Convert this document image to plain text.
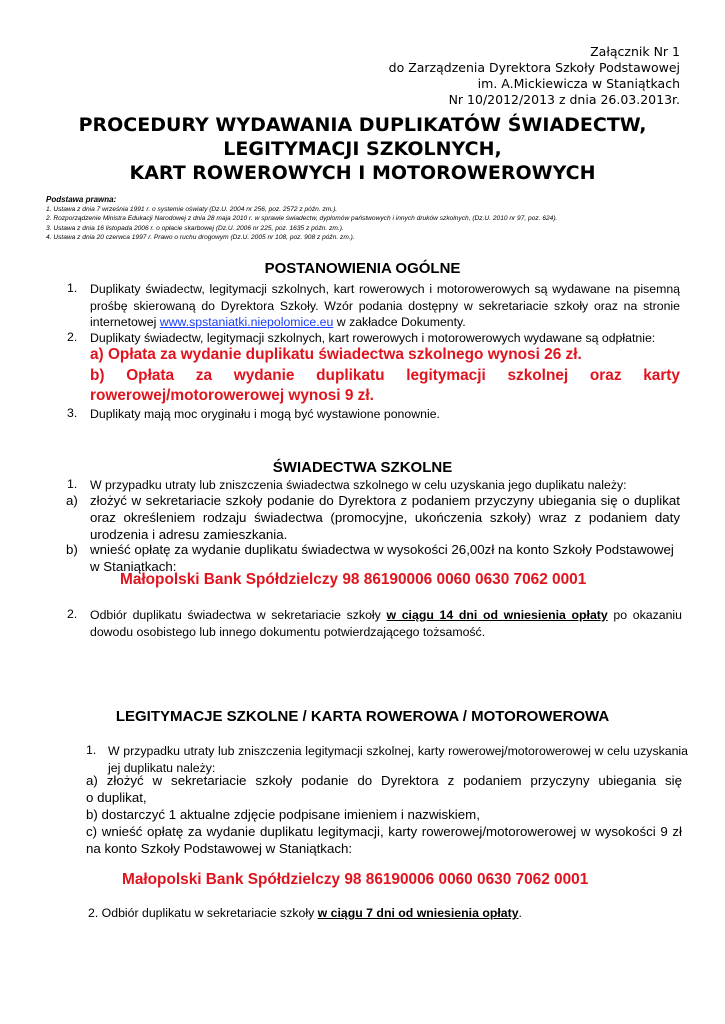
Załącznik Nr 1
do Zarządzenia Dyrektora Szkoły Podstawowej
im. A.Mickiewicza w Staniątkach
Nr 10/2012/2013 z dnia 26.03.2013r.
PROCEDURY WYDAWANIA DUPLIKATÓW ŚWIADECTW,
LEGITYMACJI SZKOLNYCH,
KART ROWEROWYCH I MOTOROWEROWYCH
Podstawa prawna:
1. Ustawa z dnia 7 września 1991 r. o systemie oświaty (Dz.U. 2004 nr 256, poz. 2572 z późn. zm.).
2. Rozporządzenie Ministra Edukacji Narodowej z dnia 28 maja 2010 r. w sprawie świadectw, dyplomów państwowych i innych druków szkolnych, (Dz.U. 2010 nr 97, poz. 624).
3. Ustawa z dnia 16 listopada 2006 r. o opłacie skarbowej (Dz.U. 2006 nr 225, poz. 1635 z późn. zm.).
4. Ustawa z dnia 20 czerwca 1997 r. Prawo o ruchu drogowym (Dz.U. 2005 nr 108, poz. 908 z późn. zm.).
POSTANOWIENIA OGÓLNE
1. Duplikaty świadectw, legitymacji szkolnych, kart rowerowych i motorowerowych są wydawane na pisemną
prośbę skierowaną do Dyrektora Szkoły. Wzór podania dostępny w sekretariacie szkoły oraz na stronie
internetowej www.spstaniatki.niepolomice.eu w zakładce Dokumenty.
2. Duplikaty świadectw, legitymacji szkolnych, kart rowerowych i motorowerowych wydawane są odpłatnie:
a) Opłata za wydanie duplikatu świadectwa szkolnego wynosi 26 zł.
b)   Opłata   za   wydanie   duplikatu   legitymacji   szkolnej   oraz   karty
rowerowej/motorowerowej wynosi 9 zł.
3. Duplikaty mają moc oryginału i mogą być wystawione ponownie.
ŚWIADECTWA SZKOLNE
1. W przypadku utraty lub zniszczenia świadectwa szkolnego w celu uzyskania jego duplikatu należy:
a) złożyć w sekretariacie szkoły podanie do Dyrektora z podaniem przyczyny ubiegania się o duplikat
oraz określeniem rodzaju świadectwa (promocyjne, ukończenia szkoły) wraz z podaniem daty
urodzenia i adresu zamieszkania.
b) wnieść opłatę za wydanie duplikatu świadectwa w wysokości 26,00zł na konto Szkoły Podstawowej
w Staniątkach:
Małopolski Bank Spółdzielczy 98 86190006 0060 0630 7062 0001
2. Odbiór duplikatu świadectwa w sekretariacie szkoły w ciągu 14 dni od wniesienia opłaty po okazaniu
dowodu osobistego lub innego dokumentu potwierdzającego tożsamość.
LEGITYMACJE SZKOLNE / KARTA ROWEROWA / MOTOROWEROWA
1. W przypadku utraty lub zniszczenia legitymacji szkolnej, karty rowerowej/motorowerowej w celu uzyskania
jej duplikatu należy:
a)  złożyć  w  sekretariacie  szkoły  podanie  do  Dyrektora  z  podaniem  przyczyny  ubiegania  się
o duplikat,
b) dostarczyć 1 aktualne zdjęcie podpisane imieniem i nazwiskiem,
c) wnieść opłatę za wydanie duplikatu legitymacji, karty rowerowej/motorowerowej w wysokości 9 zł
na konto Szkoły Podstawowej w Staniątkach:
Małopolski Bank Spółdzielczy 98 86190006 0060 0630 7062 0001
2. Odbiór duplikatu w sekretariacie szkoły w ciągu 7 dni od wniesienia opłaty.
